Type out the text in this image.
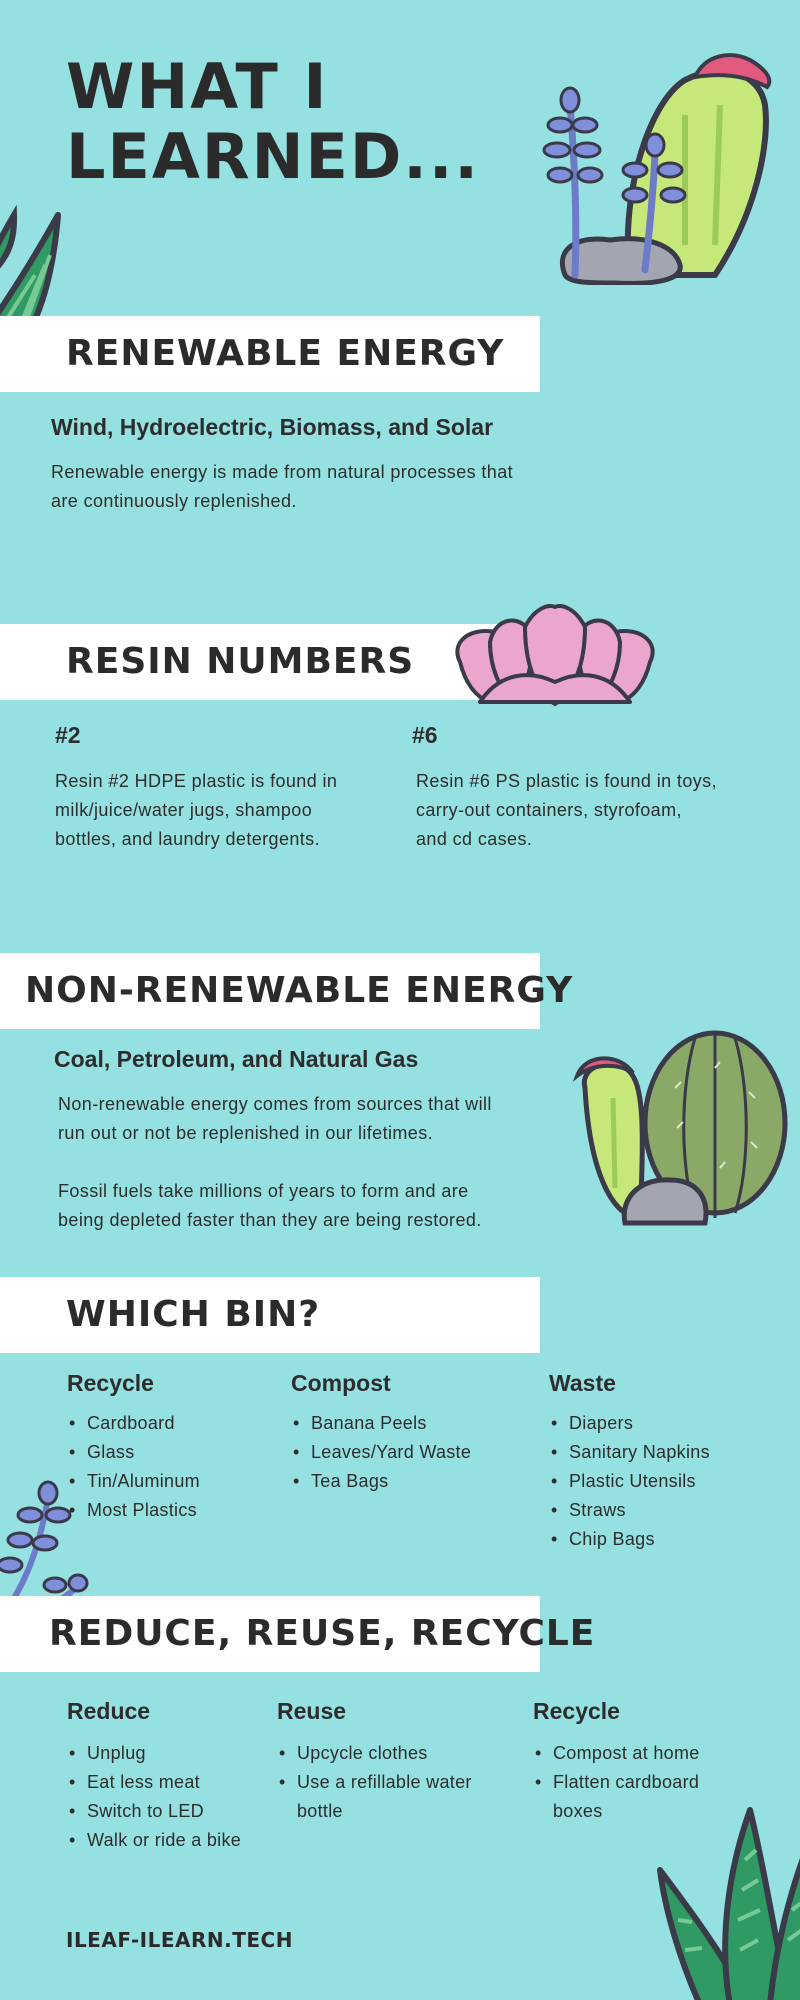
WHAT I
LEARNED...
RENEWABLE ENERGY

Wind, Hydroelectric, Biomass, and Solar

Renewable energy is made from natural processes that
are continuously replenished.

RESIN NUMBERS

#2

Resin #2 HDPE plastic is found in
milk/juice/water jugs, shampoo
bottles, and laundry detergents.

#6

Resin #6 PS plastic is found in toys,
carry-out containers, styrofoam,
and cd cases.

NON-RENEWABLE ENERGY

Coal, Petroleum, and Natural Gas

Non-renewable energy comes from sources that will
run out or not be replenished in our lifetimes.

Fossil fuels take millions of years to form and are
being depleted faster than they are being restored.

WHICH BIN?

Recycle

• Cardboard
• Glass
• Tin/Aluminum
• Most Plastics

Compost

• Banana Peels
• Leaves/Yard Waste
• Tea Bags

Waste

• Diapers
• Sanitary Napkins
• Plastic Utensils
• Straws
• Chip Bags
REDUCE, REUSE, RECYCLE

Reduce

• Unplug
• Eat less meat
• Switch to LED
• Walk or ride a bike

Reuse

• Upcycle clothes
• Use a refillable water
bottle

Recycle

• Compost at home
• Flatten cardboard
boxes

ILEAF-ILEARN.TECH
